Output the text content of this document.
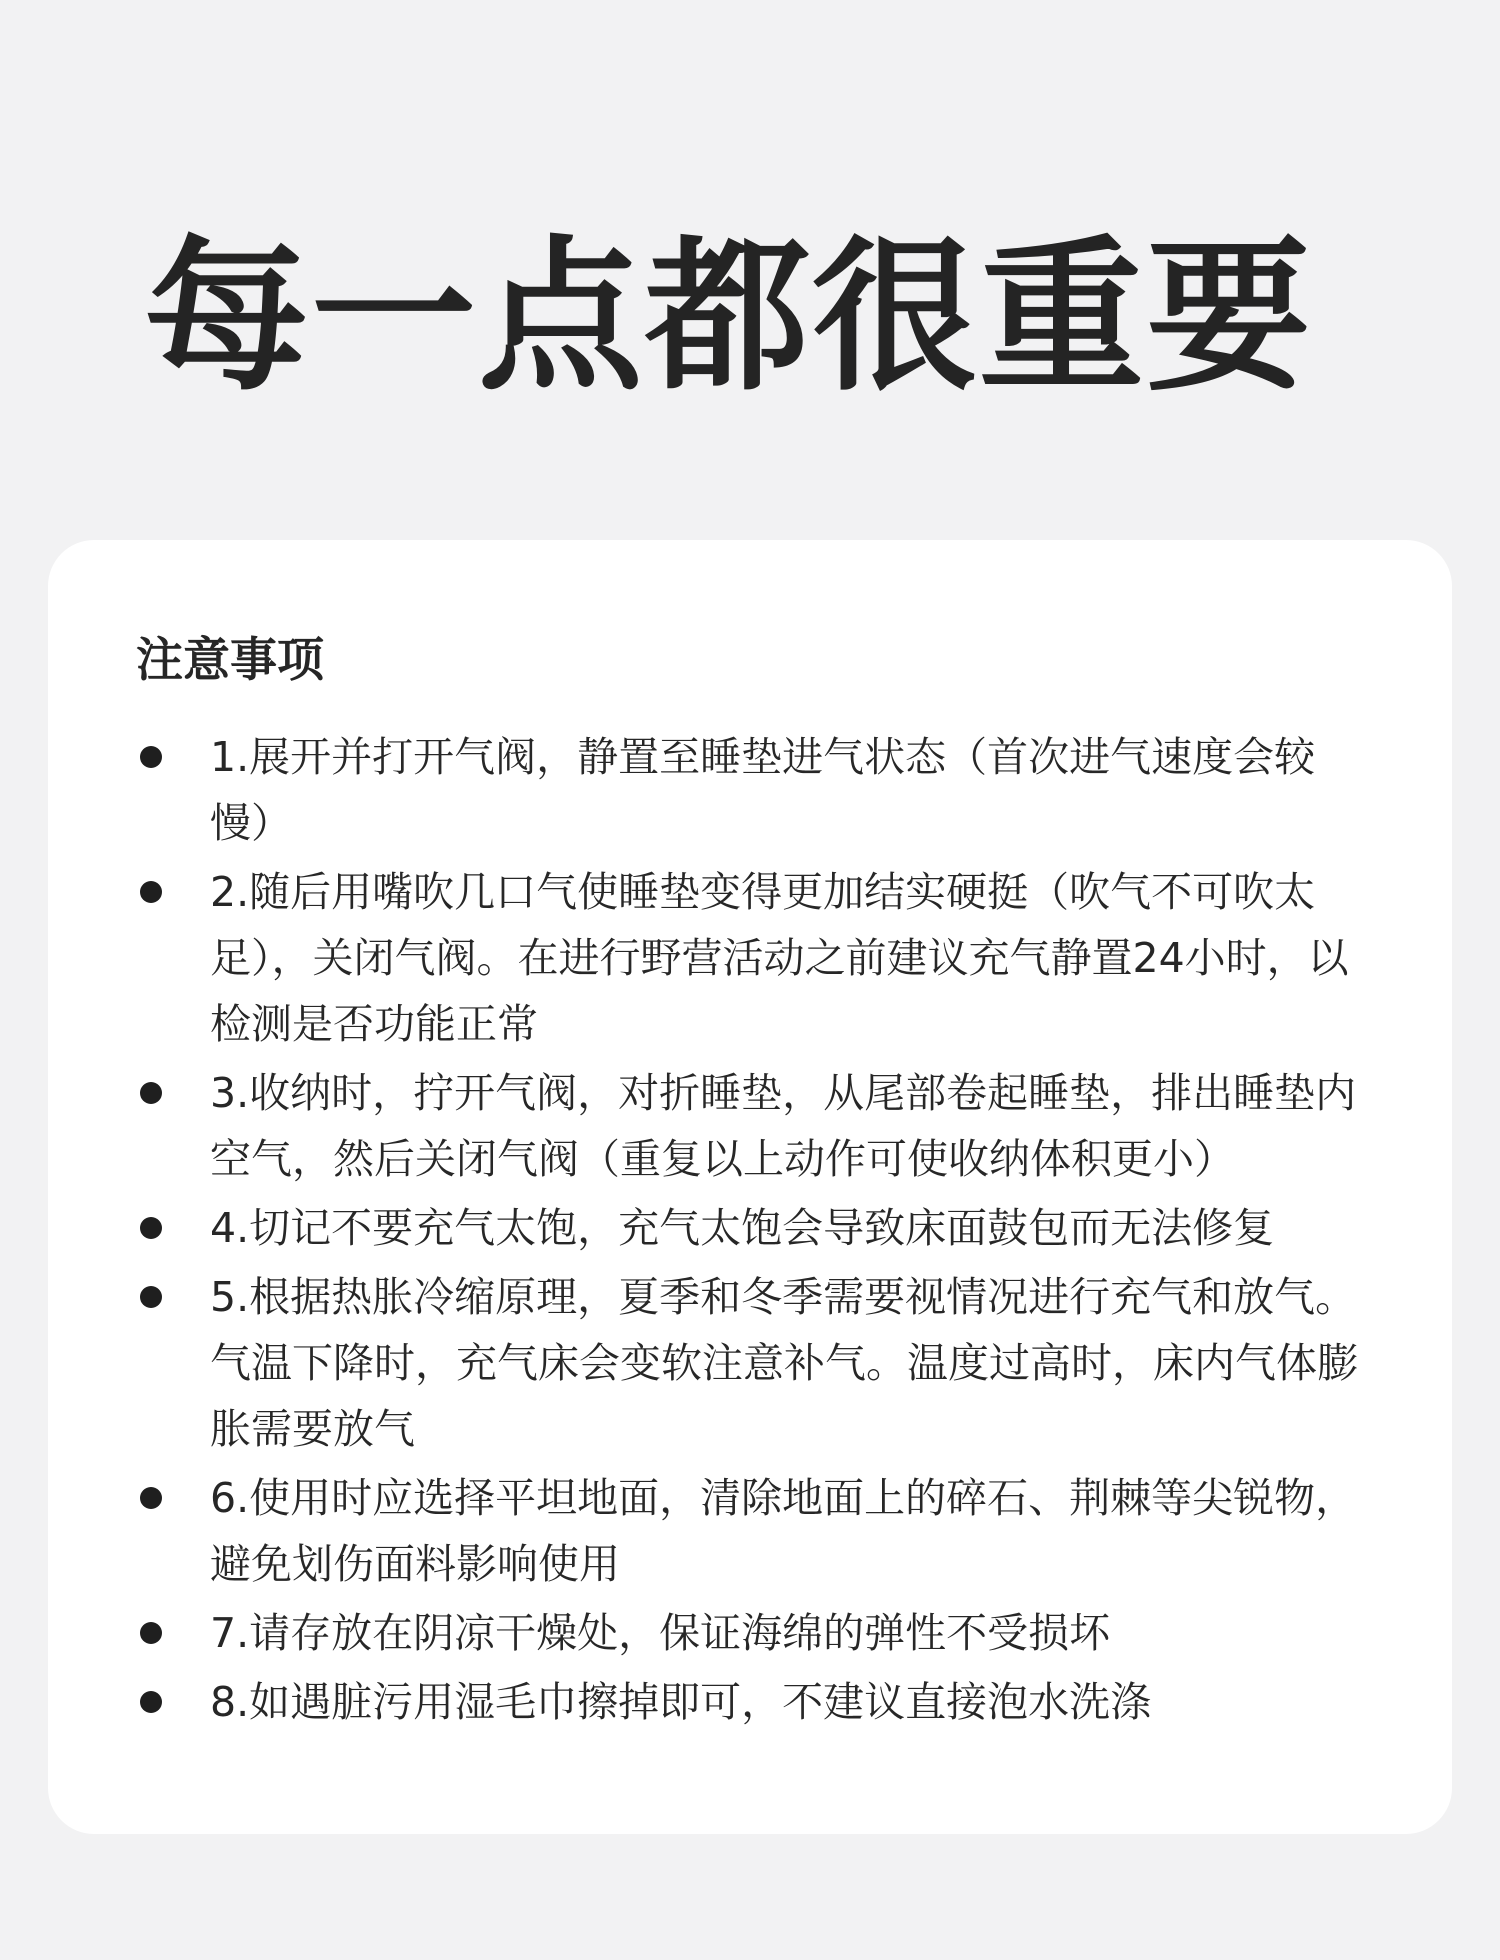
每一点都很重要
注意事项
1.展开并打开气阀，静置至睡垫进气状态（首次进气速度会较慢）
2.随后用嘴吹几口气使睡垫变得更加结实硬挺（吹气不可吹太足），关闭气阀。在进行野营活动之前建议充气静置24小时，以检测是否功能正常
3.收纳时，拧开气阀，对折睡垫，从尾部卷起睡垫，排出睡垫内空气，然后关闭气阀（重复以上动作可使收纳体积更小）
4.切记不要充气太饱，充气太饱会导致床面鼓包而无法修复
5.根据热胀冷缩原理，夏季和冬季需要视情况进行充气和放气。气温下降时，充气床会变软注意补气。温度过高时，床内气体膨胀需要放气
6.使用时应选择平坦地面，清除地面上的碎石、荆棘等尖锐物，避免划伤面料影响使用
7.请存放在阴凉干燥处，保证海绵的弹性不受损坏
8.如遇脏污用湿毛巾擦掉即可，不建议直接泡水洗涤
